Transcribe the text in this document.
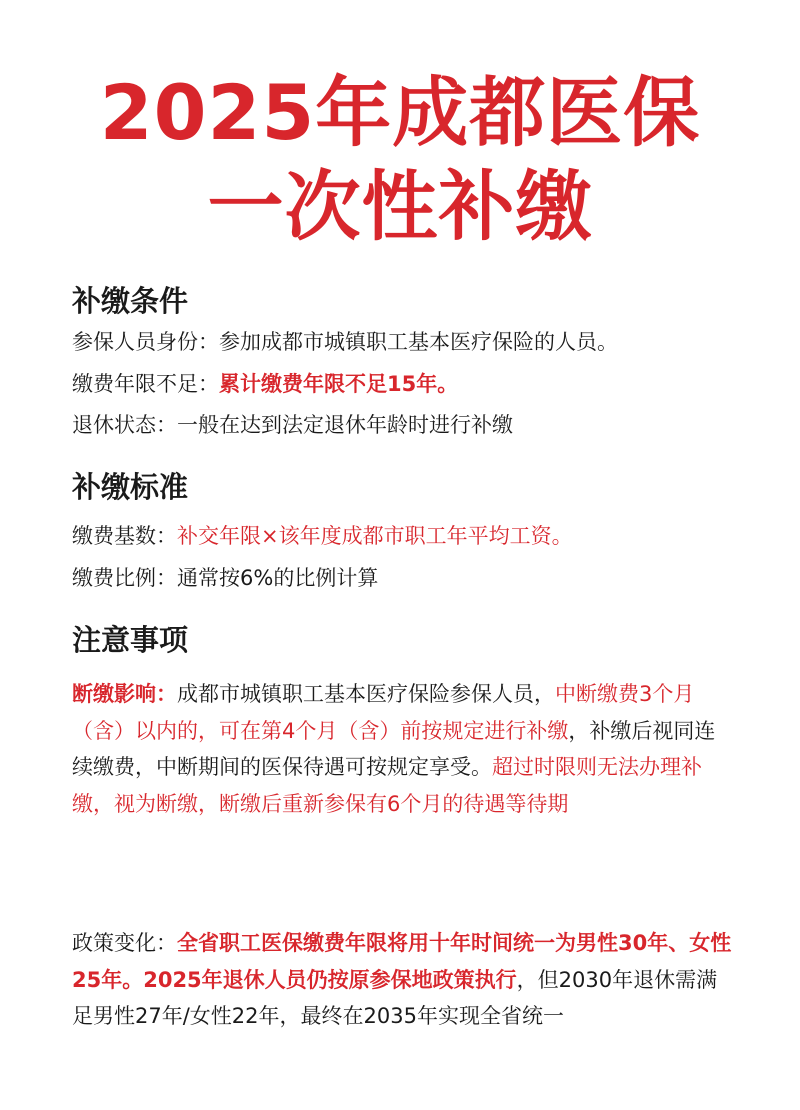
2025年成都医保
一次性补缴
补缴条件
参保人员身份：参加成都市城镇职工基本医疗保险的人员。
缴费年限不足：累计缴费年限不足15年。
退休状态：一般在达到法定退休年龄时进行补缴
补缴标准
缴费基数：补交年限×该年度成都市职工年平均工资。
缴费比例：通常按6%的比例计算
注意事项

断缴影响：成都市城镇职工基本医疗保险参保人员，中断缴费3个月（含）以内的，可在第4个月（含）前按规定进行补缴，补缴后视同连续缴费，中断期间的医保待遇可按规定享受。超过时限则无法办理补缴，视为断缴，断缴后重新参保有6个月的待遇等待期

政策变化：全省职工医保缴费年限将用十年时间统一为男性30年、女性25年。2025年退休人员仍按原参保地政策执行，但2030年退休需满足男性27年/女性22年，最终在2035年实现全省统一
